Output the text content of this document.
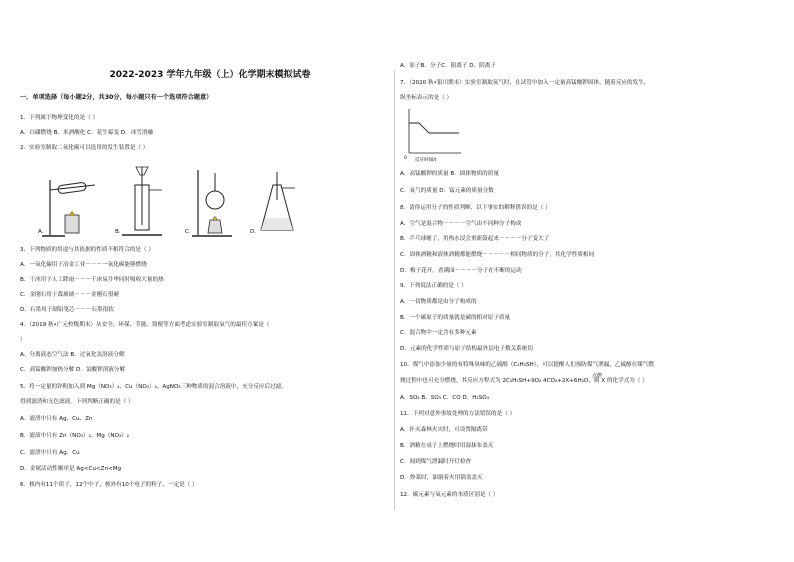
2022-2023 学年九年级（上）化学期末模拟试卷
一、单项选择（每小题2分，共30分，每小题只有一个选项符合题意）
1．下列属于物理变化的是（ ）
A．白磷燃烧 B．米酒酸化 C．花生霉变 D．冰雪消融
2．实验室制取二氧化碳可以选用的发生装置是（ ）
A.	B.	C.	D.
3．下列物质的用途与其依据的性质不相符合的是（ ）
A．一氧化碳用于冶金工业－－－一氧化碳能够燃烧
B．干冰用于人工降雨－－－干冰易升华同时吸收大量的热
C．金刚石用于裁玻璃－－－金刚石很硬
D．石墨用于制铅笔芯－－－石墨很软
4．（2019 秋•广元校级期末）从安全、环保、节能、简便等方面考虑实验室制取氧气的最佳方案是（
）
A．分离液态空气法 B．过氧化氢溶液分解
C．高锰酸钾加热分解 D．氯酸钾溶液分解
5．将一定量的锌粉加入到 Mg（NO₃）₂、Cu（NO₃）₂、AgNO₃三种物质的混合溶液中，充分反应后过滤，
得到滤渣和无色滤液。下列判断正确的是（ ）
A．滤渣中只有 Ag、Cu、Zn
B．滤液中只有 Zn（NO₃）₂、Mg（NO₃）₂
C．滤渣中只有 Ag、Cu
D．金属活动性顺序是 Ag<Cu<Zn<Mg
6．核内有11个质子，12个中子，核外有10个电子的粒子，一定是（ ）
A．原子B．分子C．阳离子 D．阴离子
7．（2020 秋•银川期末）实验室制取氧气时，在试管中加入一定量高锰酸钾固体，随着反应的发生，
纵坐标表示的是（ ）
0 反应时间/t
A．高锰酸钾的质量 B．固体物质的质量
C．氧气的质量 D．锰元素的质量分数
8．请你运用分子的性质判断，以下事实的解释错误的是（ ）
A．空气是混合物－－－－空气由不同种分子构成
B．乒乓球瘪了，用热水浸会重新鼓起来－－－－分子变大了
C．固体酒精和液体酒精都能燃烧－－－－－相同物质的分子，其化学性质相同
D．梅子花开，香满园－－－－分子在不断的运动
9．下列说法正确的是（ ）
A．一切物质都是由分子构成的
B．一个碳原子的质量就是碳的相对原子质量
C．混合物中一定含有多种元素
D．元素的化学性质与原子结构最外层电子数关系密切
10．煤气中添加少量的有特殊臭味的乙硫醇（C₂H₅SH），可以提醒人们预防煤气泄漏，乙硫醇在煤气燃
烧过程中也可充分燃烧，其反应方程式为 2C₂H₅SH+9O₂ 4CO₂+2X+6H₂O，则 X 的化学式为（ ）
点燃
A．SO₂ B．SO₃ C．CO D．H₂SO₄
11．下列对意外事故处理的方法错误的是（ ）
A．扑灭森林火灾时，可设置隔离带
B．酒精在桌子上燃烧时用湿抹布盖灭
C．闻到煤气泄漏时开灯检查
D．炒菜时，油锅着火用锅盖盖灭
12．碳元素与氧元素的本质区别是（ ）
